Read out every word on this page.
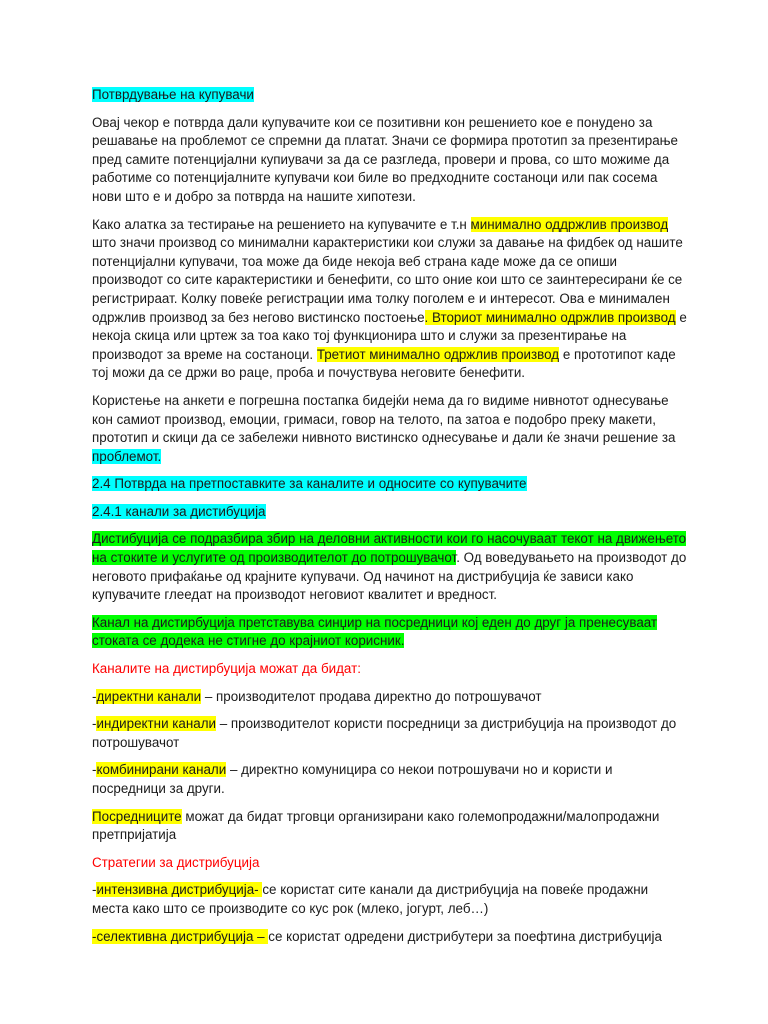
Потврдување на купувачи

Овај чекор е потврда дали купувачите кои се позитивни кон решението кое е понудено за решавање на проблемот се спремни да платат. Значи се формира прототип за презентирање пред самите потенцијални купиувачи за да се разгледа, провери и прова, со што можиме да работиме со потенцијалните купувачи кои биле во предходните состаноци или пак сосема нови што е и добро за потврда на нашите хипотези.

Како алатка за тестирање на решението на купувачите е т.н минимално оддржлив производ што значи производ со минимални карактеристики кои служи за давање на фидбек од нашите потенцијални купувачи, тоа може да биде некоја веб страна каде може да се опиши производот со сите карактеристики и бенефити, со што оние кои што се заинтересирани ќе се регистрираат. Колку повеќе регистрации има толку поголем е и интересот. Ова е минимален одржлив производ за без негово вистинско постоење. Вториот минимално одржлив производ е некоја скица или цртеж за тоа како тој функционира што и служи за презентирање на производот за време на состаноци. Третиот минимално одржлив производ е прототипот каде тој можи да се држи во раце, проба и почуствува неговите бенефити.

Користење на анкети е погрешна постапка бидејќи нема да го видиме нивнотот однесување кон самиот производ, емоции, гримаси, говор на телото, па затоа е подобро преку макети, прототип и скици да се забележи нивното вистинско однесување и дали ќе значи решение за проблемот.

2.4 Потврда на претпоставките за каналите и односите со купувачите

2.4.1 канали за дистибуција

Дистибуција се подразбира збир на деловни активности кои го насочуваат текот на движењето на стоките и услугите од производителот до потрошувачот. Од воведувањето на производот до неговото прифаќање од крајните купувачи. Од начинот на дистрибуција ќе зависи како купувачите глеедат на производот неговиот квалитет и вредност.

Канал на дистирбуција претставува синџир на посредници кој еден до друг ја пренесуваат стоката се додека не стигне до крајниот корисник.

Каналите на дистирбуција можат да бидат:

-директни канали – производителот продава директно до потрошувачот

-индиректни канали – производителот користи посредници за дистрибуција на производот до потрошувачот

-комбинирани канали – директно комуницира со некои потрошувачи но и користи и посредници за други.

Посредниците можат да бидат трговци организирани како големопродажни/малопродажни претпријатија

Стратегии за дистрибуција

-интензивна дистрибуција- се користат сите канали да дистрибуција на повеќе продажни места како што се производите со кус рок (млеко, јогурт, леб…)

-селективна дистрибуција – се користат одредени дистрибутери за поефтина дистрибуција
